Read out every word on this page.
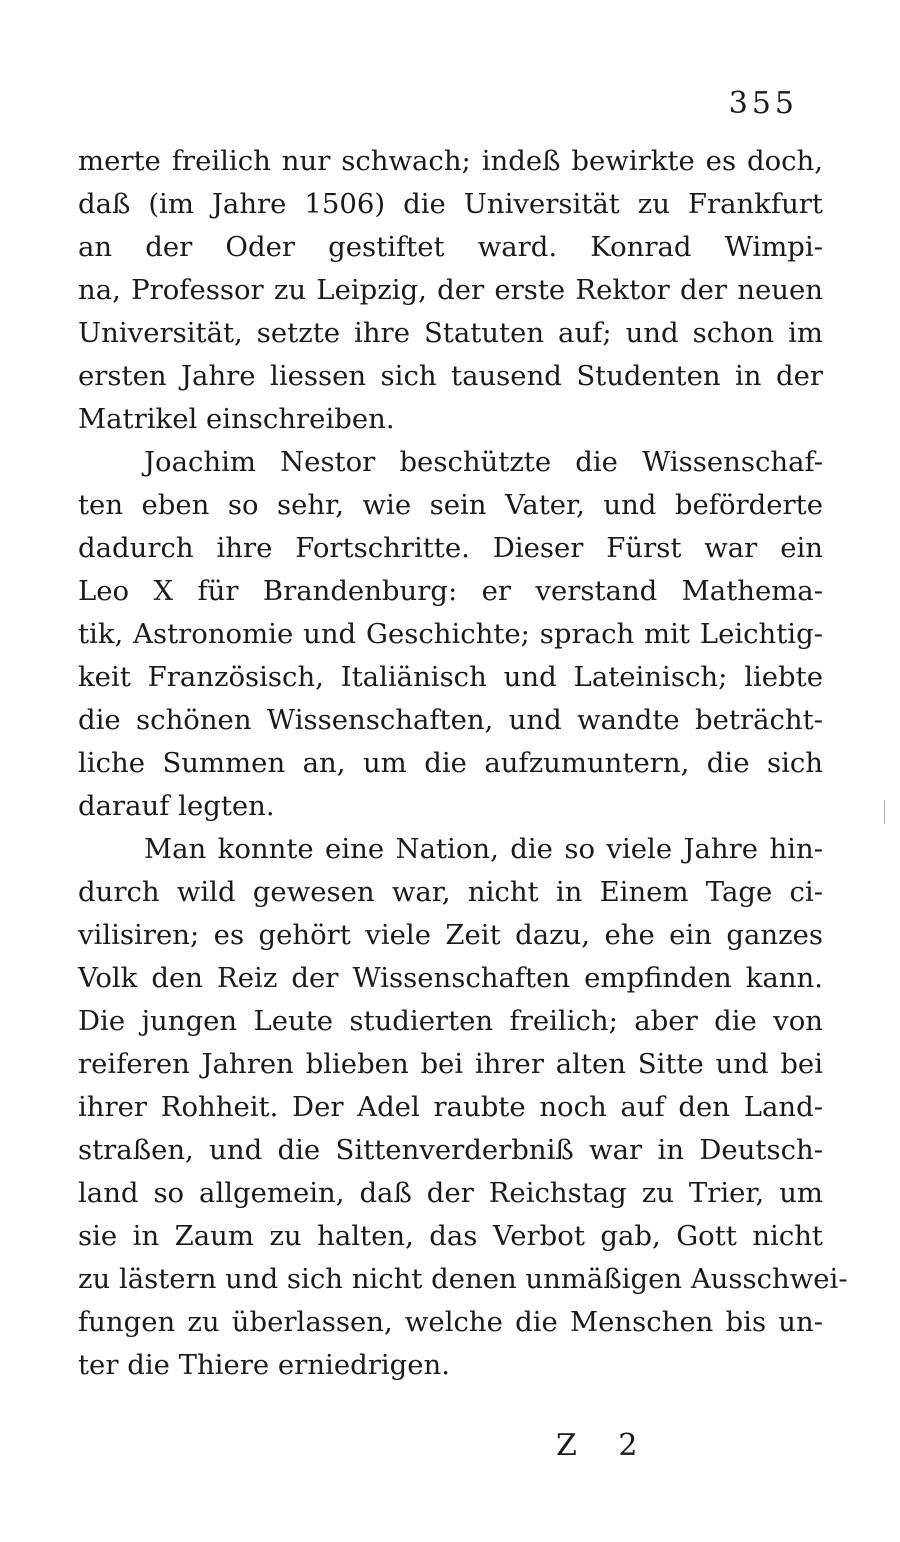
355
merte freilich nur schwach; indeß bewirkte es doch,
daß (im Jahre 1506) die Universität zu Frankfurt
an der Oder gestiftet ward. Konrad Wimpi-
na, Professor zu Leipzig, der erste Rektor der neuen
Universität, setzte ihre Statuten auf; und schon im
ersten Jahre liessen sich tausend Studenten in der
Matrikel einschreiben.
Joachim Nestor beschützte die Wissenschaf-
ten eben so sehr, wie sein Vater, und beförderte
dadurch ihre Fortschritte. Dieser Fürst war ein
Leo X für Brandenburg: er verstand Mathema-
tik, Astronomie und Geschichte; sprach mit Leichtig-
keit Französisch, Italiänisch und Lateinisch; liebte
die schönen Wissenschaften, und wandte beträcht-
liche Summen an, um die aufzumuntern, die sich
darauf legten.
Man konnte eine Nation, die so viele Jahre hin-
durch wild gewesen war, nicht in Einem Tage ci-
vilisiren; es gehört viele Zeit dazu, ehe ein ganzes
Volk den Reiz der Wissenschaften empfinden kann.
Die jungen Leute studierten freilich; aber die von
reiferen Jahren blieben bei ihrer alten Sitte und bei
ihrer Rohheit. Der Adel raubte noch auf den Land-
straßen, und die Sittenverderbniß war in Deutsch-
land so allgemein, daß der Reichstag zu Trier, um
sie in Zaum zu halten, das Verbot gab, Gott nicht
zu lästern und sich nicht denen unmäßigen Ausschwei-
fungen zu überlassen, welche die Menschen bis un-
ter die Thiere erniedrigen.
Z 2
